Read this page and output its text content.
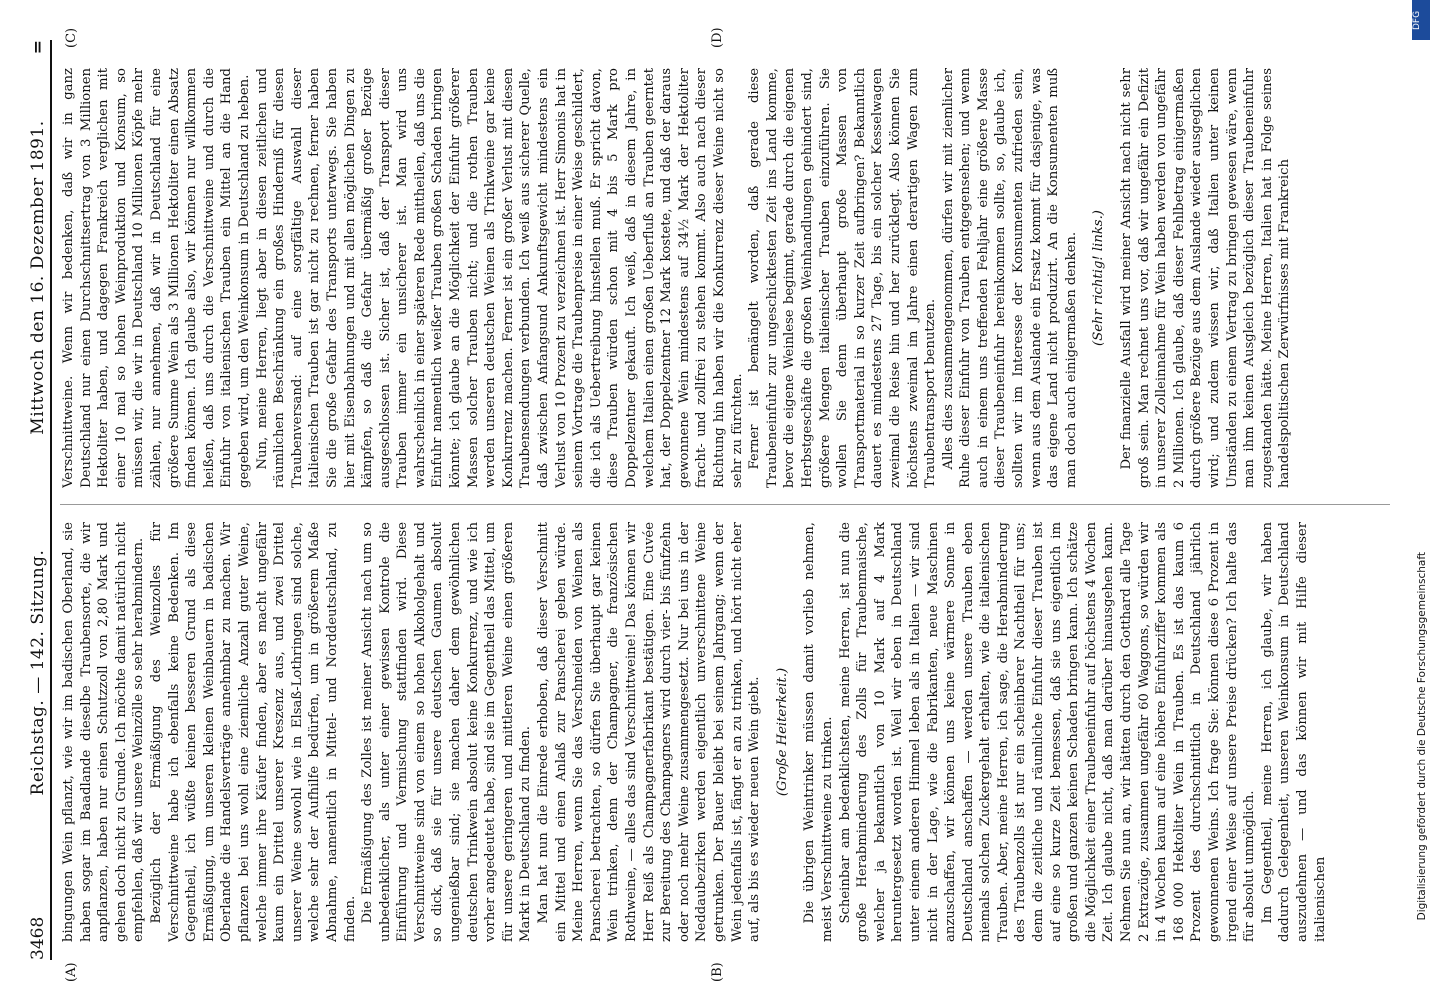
3468
Reichstag. — 142. Sitzung.
Mittwoch den 16. Dezember 1891.
=
(A)	(B)
(C)	(D)

bingungen Wein pflanzt, wie wir im badischen Oberland, sie haben sogar im Baadlande dieselbe Traubensorte, die wir anpflanzen, haben nur einen Schutzzoll von 2,80 Mark und gehen doch nicht zu Grunde. Ich möchte damit natürlich nicht empfehlen, daß wir unsere Weinzölle so sehr herabmindern. Bezüglich der Ermäßigung des Weinzolles für Verschnittweine habe ich ebenfalls keine Bedenken. Im Gegentheil, ich wüßte keinen besseren Grund als diese Ermäßigung, um unseren kleinen Weinbauern in badischen Oberlande die Handelsverträge annehmbar zu machen. Wir pflanzen bei uns wohl eine ziemliche Anzahl guter Weine, welche immer ihre Käufer finden, aber es macht ungefähr kaum ein Drittel unserer Kreszenz aus, und zwei Drittel unserer Weine sowohl wie in Elsaß-Lothringen sind solche, welche sehr der Aufhilfe bedürfen, um in größerem Maße Abnahme, namentlich in Mittel- und Norddeutschland, zu finden. Die Ermäßigung des Zolles ist meiner Ansicht nach um so unbedenklicher, als unter einer gewissen Kontrole die Einführung und Vermischung stattfinden wird. Diese Verschnittweine sind von einem so hohen Alkoholgehalt und so dick, daß sie für unsere deutschen Gaumen absolut ungenießbar sind; sie machen daher dem gewöhnlichen deutschen Trinkwein absolut keine Konkurrenz, und wie ich vorher angedeutet habe, sind sie im Gegentheil das Mittel, um für unsere geringeren und mittleren Weine einen größeren Markt in Deutschland zu finden. Man hat nun die Einrede erhoben, daß dieser Verschnitt ein Mittel und einen Anlaß zur Panscherei geben würde. Meine Herren, wenn Sie das Verschneiden von Weinen als Panscherei betrachten, so dürfen Sie überhaupt gar keinen Wein trinken, denn der Champagner, die französischen Rothweine, — alles das sind Verschnittweine! Das können wir Herr Reiß als Champagnerfabrikant bestätigen. Eine Cuvée zur Bereitung des Champagners wird durch vier- bis fünfzehn oder noch mehr Weine zusammengesetzt. Nur bei uns in der Neddaubezirken werden eigentlich unverschnittene Weine getrunken. Der Bauer bleibt bei seinem Jahrgang; wenn der Wein jedenfalls ist, fängt er an zu trinken, und hört nicht eher auf, als bis es wieder neuen Wein giebt. (Große Heiterkeit.) Die übrigen Weintrinker müssen damit vorlieb nehmen, meist Verschnittweine zu trinken. Scheinbar am bedenklichsten, meine Herren, ist nun die große Herabminderung des Zolls für Traubenmaische, welcher ja bekanntlich von 10 Mark auf 4 Mark heruntergesetzt worden ist. Weil wir eben in Deutschland unter einem anderen Himmel leben als in Italien — wir sind nicht in der Lage, wie die Fabrikanten, neue Maschinen anzuschaffen, wir können uns keine wärmere Sonne in Deutschland anschaffen — werden unsere Trauben eben niemals solchen Zuckergehalt erhalten, wie die italienischen Trauben. Aber, meine Herren, ich sage, die Herabminderung des Traubenzolls ist nur ein scheinbarer Nachtheil für uns; denn die zeitliche und räumliche Einfuhr dieser Trauben ist auf eine so kurze Zeit bemessen, daß sie uns eigentlich im großen und ganzen keinen Schaden bringen kann. Ich schätze die Möglichkeit einer Traubeneinfuhr auf höchstens 4 Wochen Zeit. Ich glaube nicht, daß man darüber hinausgehen kann. Nehmen Sie nun an, wir hätten durch den Gotthard alle Tage 2 Extrazüge, zusammen ungefähr 60 Waggons, so würden wir in 4 Wochen kaum auf eine höhere Einfuhrziffer kommen als 168 000 Hektoliter Wein in Trauben. Es ist das kaum 6 Prozent des durchschnittlich in Deutschland jährlich gewonnenen Weins. Ich frage Sie: können diese 6 Prozent in irgend einer Weise auf unsere Preise drücken? Ich halte das für absolut unmöglich. Im Gegentheil, meine Herren, ich glaube, wir haben dadurch Gelegenheit, unseren Weinkonsum in Deutschland auszudehnen — und das können wir mit Hilfe dieser italienischen

Verschnittweine. Wenn wir bedenken, daß wir in ganz Deutschland nur einen Durchschnittsertrag von 3 Millionen Hektoliter haben, und dagegen Frankreich verglichen mit einer 10 mal so hohen Weinproduktion und Konsum, so müssen wir, die wir in Deutschland 10 Millionen Köpfe mehr zählen, nur annehmen, daß wir in Deutschland für eine größere Summe Wein als 3 Millionen Hektoliter einen Absatz finden können. Ich glaube also, wir können nur willkommen heißen, daß uns durch die Verschnittweine und durch die Einfuhr von italienischen Trauben ein Mittel an die Hand gegeben wird, um den Weinkonsum in Deutschland zu heben. Nun, meine Herren, liegt aber in diesen zeitlichen und räumlichen Beschränkung ein großes Hinderniß für diesen Traubenversand: auf eine sorgfältige Auswahl dieser italienischen Trauben ist gar nicht zu rechnen, ferner haben Sie die große Gefahr des Transports unterwegs. Sie haben hier mit Eisenbahnungen und mit allen möglichen Dingen zu kämpfen, so daß die Gefahr übermäßig großer Bezüge ausgeschlossen ist. Sicher ist, daß der Transport dieser Trauben immer ein unsicherer ist. Man wird uns wahrscheinlich in einer späteren Rede mittheilen, daß uns die Einfuhr namentlich weißer Trauben großen Schaden bringen könnte; ich glaube an die Möglichkeit der Einfuhr größerer Massen solcher Trauben nicht; und die rothen Trauben werden unseren deutschen Weinen als Trinkweine gar keine Konkurrenz machen. Ferner ist ein großer Verlust mit diesen Traubensendungen verbunden. Ich weiß aus sicherer Quelle, daß zwischen Anfangsund Ankunftsgewicht mindestens ein Verlust von 10 Prozent zu verzeichnen ist. Herr Simonis hat in seinem Vortrage die Traubenpreise in einer Weise geschildert, die ich als Uebertreibung hinstellen muß. Er spricht davon, diese Trauben würden schon mit 4 bis 5 Mark pro Doppelzentner gekauft. Ich weiß, daß in diesem Jahre, in welchem Italien einen großen Ueberfluß an Trauben geerntet hat, der Doppelzentner 12 Mark kostete, und daß der daraus gewonnene Wein mindestens auf 34½ Mark der Hektoliter fracht- und zollfrei zu stehen kommt. Also auch nach dieser Richtung hin haben wir die Konkurrenz dieser Weine nicht so sehr zu fürchten. Ferner ist bemängelt worden, daß gerade diese Traubeneinfuhr zur ungeschicktesten Zeit ins Land komme, bevor die eigene Weinlese beginnt, gerade durch die eigenen Herbstgeschäfte die großen Weinhandlungen gehindert sind, größere Mengen italienischer Trauben einzuführen. Sie wollen Sie denn überhaupt große Massen von Transportmaterial in so kurzer Zeit aufbringen? Bekanntlich dauert es mindestens 27 Tage, bis ein solcher Kesselwagen zweimal die Reise hin und her zurücklegt. Also können Sie höchstens zweimal im Jahre einen derartigen Wagen zum Traubentransport benutzen. Alles dies zusammengenommen, dürfen wir mit ziemlicher Ruhe dieser Einfuhr von Trauben entgegensehen; und wenn auch in einem uns treffenden Fehljahr eine größere Masse dieser Traubeneinfuhr hereinkommen sollte, so, glaube ich, sollten wir im Interesse der Konsumenten zufrieden sein, wenn aus dem Auslande ein Ersatz kommt für dasjenige, was das eigene Land nicht produzirt. An die Konsumenten muß man doch auch einigermaßen denken. (Sehr richtig! links.) Der finanzielle Ausfall wird meiner Ansicht nach nicht sehr groß sein. Man rechnet uns vor, daß wir ungefähr ein Defizit in unserer Zolleinnahme für Wein haben werden von ungefähr 2 Millionen. Ich glaube, daß dieser Fehlbetrag einigermaßen durch größere Bezüge aus dem Auslande wieder ausgeglichen wird; und zudem wissen wir, daß Italien unter keinen Umständen zu einem Vertrag zu bringen gewesen wäre, wenn man ihm keinen Ausgleich bezüglich dieser Traubeneinfuhr zugestanden hätte. Meine Herren, Italien hat in Folge seines handelspolitischen Zerwürfnisses mit Frankreich

Digitalisierung gefördert durch die Deutsche Forschungsgemeinschaft
DFG
